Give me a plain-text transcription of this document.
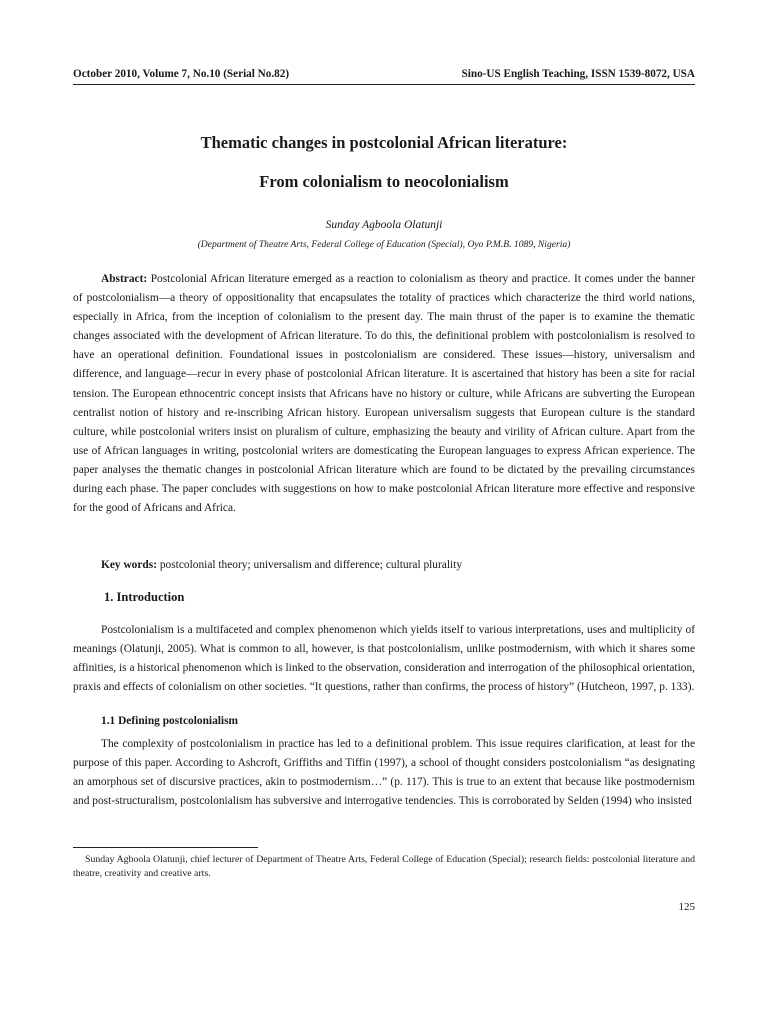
October 2010, Volume 7, No.10 (Serial No.82)	Sino-US English Teaching, ISSN 1539-8072, USA
Thematic changes in postcolonial African literature:
From colonialism to neocolonialism
Sunday Agboola Olatunji
(Department of Theatre Arts, Federal College of Education (Special), Oyo P.M.B. 1089, Nigeria)

Abstract: Postcolonial African literature emerged as a reaction to colonialism as theory and practice. It comes under the banner of postcolonialism—a theory of oppositionality that encapsulates the totality of practices which characterize the third world nations, especially in Africa, from the inception of colonialism to the present day. The main thrust of the paper is to examine the thematic changes associated with the development of African literature. To do this, the definitional problem with postcolonialism is resolved to have an operational definition. Foundational issues in postcolonialism are considered. These issues—history, universalism and difference, and language—recur in every phase of postcolonial African literature. It is ascertained that history has been a site for racial tension. The European ethnocentric concept insists that Africans have no history or culture, while Africans are subverting the European centralist notion of history and re-inscribing African history. European universalism suggests that European culture is the standard culture, while postcolonial writers insist on pluralism of culture, emphasizing the beauty and virility of African culture. Apart from the use of African languages in writing, postcolonial writers are domesticating the European languages to express African experience. The paper analyses the thematic changes in postcolonial African literature which are found to be dictated by the prevailing circumstances during each phase. The paper concludes with suggestions on how to make postcolonial African literature more effective and responsive for the good of Africans and Africa.

Key words: postcolonial theory; universalism and difference; cultural plurality

1. Introduction

Postcolonialism is a multifaceted and complex phenomenon which yields itself to various interpretations, uses and multiplicity of meanings (Olatunji, 2005). What is common to all, however, is that postcolonialism, unlike postmodernism, with which it shares some affinities, is a historical phenomenon which is linked to the observation, consideration and interrogation of the philosophical orientation, praxis and effects of colonialism on other societies. “It questions, rather than confirms, the process of history” (Hutcheon, 1997, p. 133).

1.1 Defining postcolonialism

The complexity of postcolonialism in practice has led to a definitional problem. This issue requires clarification, at least for the purpose of this paper. According to Ashcroft, Griffiths and Tiffin (1997), a school of thought considers postcolonialism “as designating an amorphous set of discursive practices, akin to postmodernism…” (p. 117). This is true to an extent that because like postmodernism and post-structuralism, postcolonialism has subversive and interrogative tendencies. This is corroborated by Selden (1994) who insisted

Sunday Agboola Olatunji, chief lecturer of Department of Theatre Arts, Federal College of Education (Special); research fields: postcolonial literature and theatre, creativity and creative arts.

125
